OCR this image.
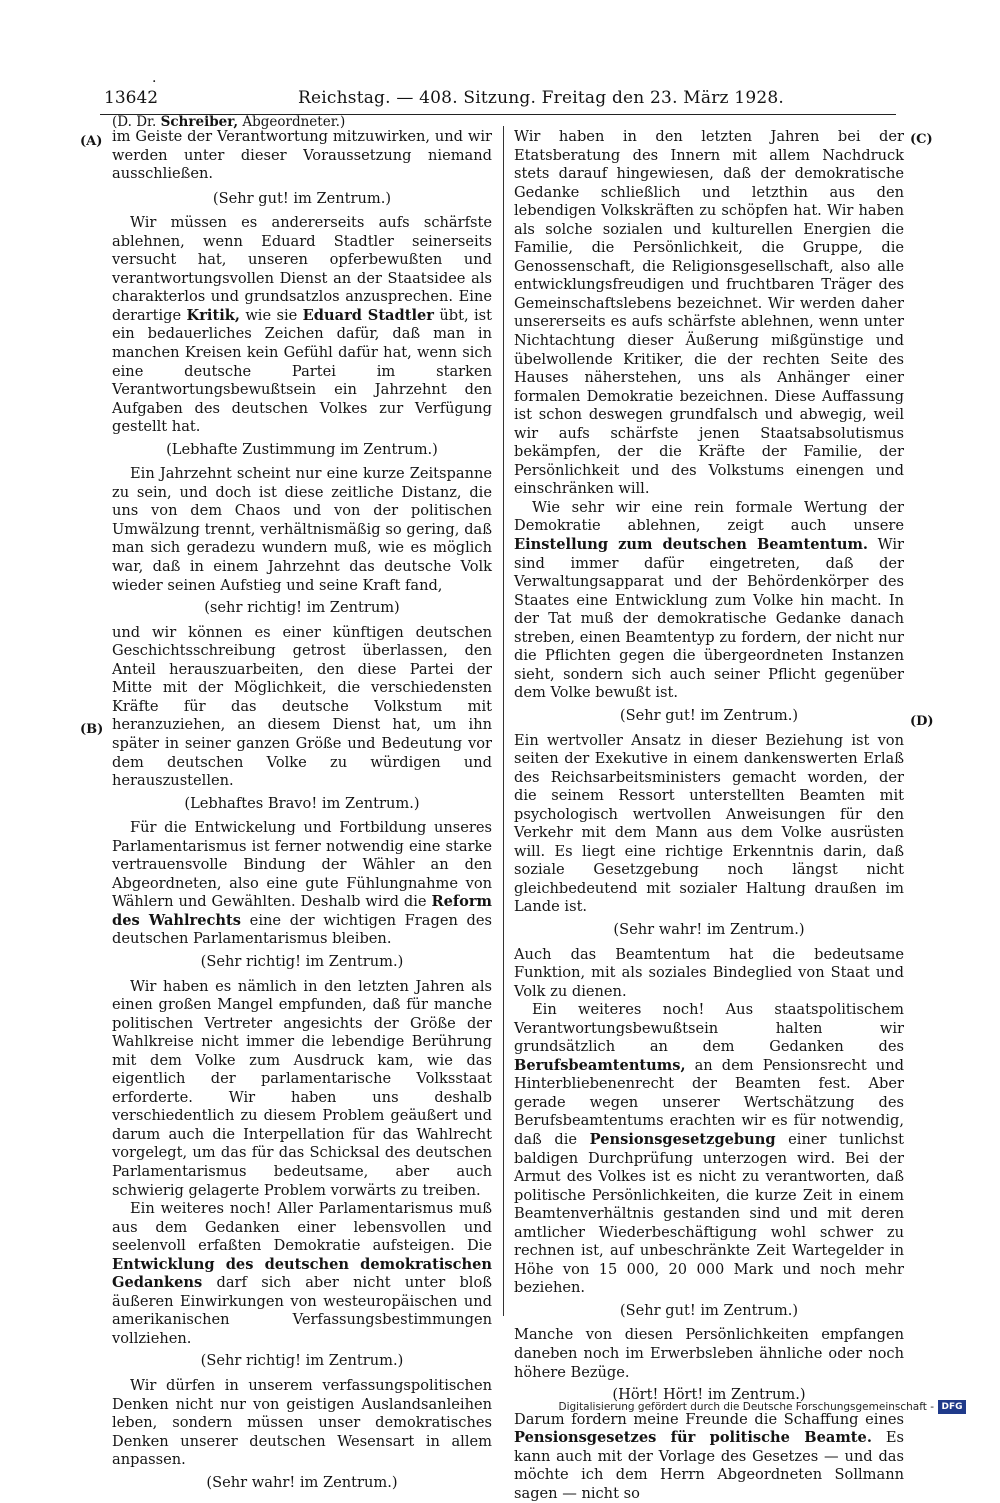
·
13642	Reichstag. — 408. Sitzung. Freitag den 23. März 1928.
(D. Dr. Schreiber, Abgeordneter.)
(A)
(B)
(C)
(D)

im Geiste der Verantwortung mitzuwirken, und wir werden unter dieser Voraussetzung niemand ausschließen.

(Sehr gut! im Zentrum.)

Wir müssen es andererseits aufs schärfste ablehnen, wenn Eduard Stadtler seinerseits versucht hat, unseren opferbewußten und verantwortungsvollen Dienst an der Staatsidee als charakterlos und grundsatzlos anzusprechen. Eine derartige Kritik, wie sie Eduard Stadtler übt, ist ein bedauerliches Zeichen dafür, daß man in manchen Kreisen kein Gefühl dafür hat, wenn sich eine deutsche Partei im starken Verantwortungsbewußtsein ein Jahrzehnt den Aufgaben des deutschen Volkes zur Verfügung gestellt hat.

(Lebhafte Zustimmung im Zentrum.)

Ein Jahrzehnt scheint nur eine kurze Zeitspanne zu sein, und doch ist diese zeitliche Distanz, die uns von dem Chaos und von der politischen Umwälzung trennt, verhältnismäßig so gering, daß man sich geradezu wundern muß, wie es möglich war, daß in einem Jahrzehnt das deutsche Volk wieder seinen Aufstieg und seine Kraft fand,

(sehr richtig! im Zentrum)

und wir können es einer künftigen deutschen Geschichtsschreibung getrost überlassen, den Anteil herauszuarbeiten, den diese Partei der Mitte mit der Möglichkeit, die verschiedensten Kräfte für das deutsche Volkstum mit heranzuziehen, an diesem Dienst hat, um ihn später in seiner ganzen Größe und Bedeutung vor dem deutschen Volke zu würdigen und herauszustellen.

(Lebhaftes Bravo! im Zentrum.)

Für die Entwickelung und Fortbildung unseres Parlamentarismus ist ferner notwendig eine starke vertrauensvolle Bindung der Wähler an den Abgeordneten, also eine gute Fühlungnahme von Wählern und Gewählten. Deshalb wird die Reform des Wahlrechts eine der wichtigen Fragen des deutschen Parlamentarismus bleiben.

(Sehr richtig! im Zentrum.)

Wir haben es nämlich in den letzten Jahren als einen großen Mangel empfunden, daß für manche politischen Vertreter angesichts der Größe der Wahlkreise nicht immer die lebendige Berührung mit dem Volke zum Ausdruck kam, wie das eigentlich der parlamentarische Volksstaat erforderte. Wir haben uns deshalb verschiedentlich zu diesem Problem geäußert und darum auch die Interpellation für das Wahlrecht vorgelegt, um das für das Schicksal des deutschen Parlamentarismus bedeutsame, aber auch schwierig gelagerte Problem vorwärts zu treiben.

Ein weiteres noch! Aller Parlamentarismus muß aus dem Gedanken einer lebensvollen und seelenvoll erfaßten Demokratie aufsteigen. Die Entwicklung des deutschen demokratischen Gedankens darf sich aber nicht unter bloß äußeren Einwirkungen von westeuropäischen und amerikanischen Verfassungsbestimmungen vollziehen.

(Sehr richtig! im Zentrum.)

Wir dürfen in unserem verfassungspolitischen Denken nicht nur von geistigen Auslandsanleihen leben, sondern müssen unser demokratisches Denken unserer deutschen Wesensart in allem anpassen.

(Sehr wahr! im Zentrum.)

Wir haben in den letzten Jahren bei der Etatsberatung des Innern mit allem Nachdruck stets darauf hingewiesen, daß der demokratische Gedanke schließlich und letzthin aus den lebendigen Volkskräften zu schöpfen hat. Wir haben als solche sozialen und kulturellen Energien die Familie, die Persönlichkeit, die Gruppe, die Genossenschaft, die Religionsgesellschaft, also alle entwicklungsfreudigen und fruchtbaren Träger des Gemeinschaftslebens bezeichnet. Wir werden daher unsererseits es aufs schärfste ablehnen, wenn unter Nichtachtung dieser Äußerung mißgünstige und übelwollende Kritiker, die der rechten Seite des Hauses näherstehen, uns als Anhänger einer formalen Demokratie bezeichnen. Diese Auffassung ist schon deswegen grundfalsch und abwegig, weil wir aufs schärfste jenen Staatsabsolutismus bekämpfen, der die Kräfte der Familie, der Persönlichkeit und des Volkstums einengen und einschränken will.

Wie sehr wir eine rein formale Wertung der Demokratie ablehnen, zeigt auch unsere Einstellung zum deutschen Beamtentum. Wir sind immer dafür eingetreten, daß der Verwaltungsapparat und der Behördenkörper des Staates eine Entwicklung zum Volke hin macht. In der Tat muß der demokratische Gedanke danach streben, einen Beamtentyp zu fordern, der nicht nur die Pflichten gegen die übergeordneten Instanzen sieht, sondern sich auch seiner Pflicht gegenüber dem Volke bewußt ist.

(Sehr gut! im Zentrum.)

Ein wertvoller Ansatz in dieser Beziehung ist von seiten der Exekutive in einem dankenswerten Erlaß des Reichsarbeitsministers gemacht worden, der die seinem Ressort unterstellten Beamten mit psychologisch wertvollen Anweisungen für den Verkehr mit dem Mann aus dem Volke ausrüsten will. Es liegt eine richtige Erkenntnis darin, daß soziale Gesetzgebung noch längst nicht gleichbedeutend mit sozialer Haltung draußen im Lande ist.

(Sehr wahr! im Zentrum.)

Auch das Beamtentum hat die bedeutsame Funktion, mit als soziales Bindeglied von Staat und Volk zu dienen.

Ein weiteres noch! Aus staatspolitischem Verantwortungsbewußtsein halten wir grundsätzlich an dem Gedanken des Berufsbeamtentums, an dem Pensionsrecht und Hinterbliebenenrecht der Beamten fest. Aber gerade wegen unserer Wertschätzung des Berufsbeamtentums erachten wir es für notwendig, daß die Pensionsgesetzgebung einer tunlichst baldigen Durchprüfung unterzogen wird. Bei der Armut des Volkes ist es nicht zu verantworten, daß politische Persönlichkeiten, die kurze Zeit in einem Beamtenverhältnis gestanden sind und mit deren amtlicher Wiederbeschäftigung wohl schwer zu rechnen ist, auf unbeschränkte Zeit Wartegelder in Höhe von 15 000, 20 000 Mark und noch mehr beziehen.

(Sehr gut! im Zentrum.)

Manche von diesen Persönlichkeiten empfangen daneben noch im Erwerbsleben ähnliche oder noch höhere Bezüge.

(Hört! Hört! im Zentrum.)

Darum fordern meine Freunde die Schaffung eines Pensionsgesetzes für politische Beamte. Es kann auch mit der Vorlage des Gesetzes — und das möchte ich dem Herrn Abgeordneten Sollmann sagen — nicht so

Digitalisierung gefördert durch die Deutsche Forschungsgemeinschaft - DFG
